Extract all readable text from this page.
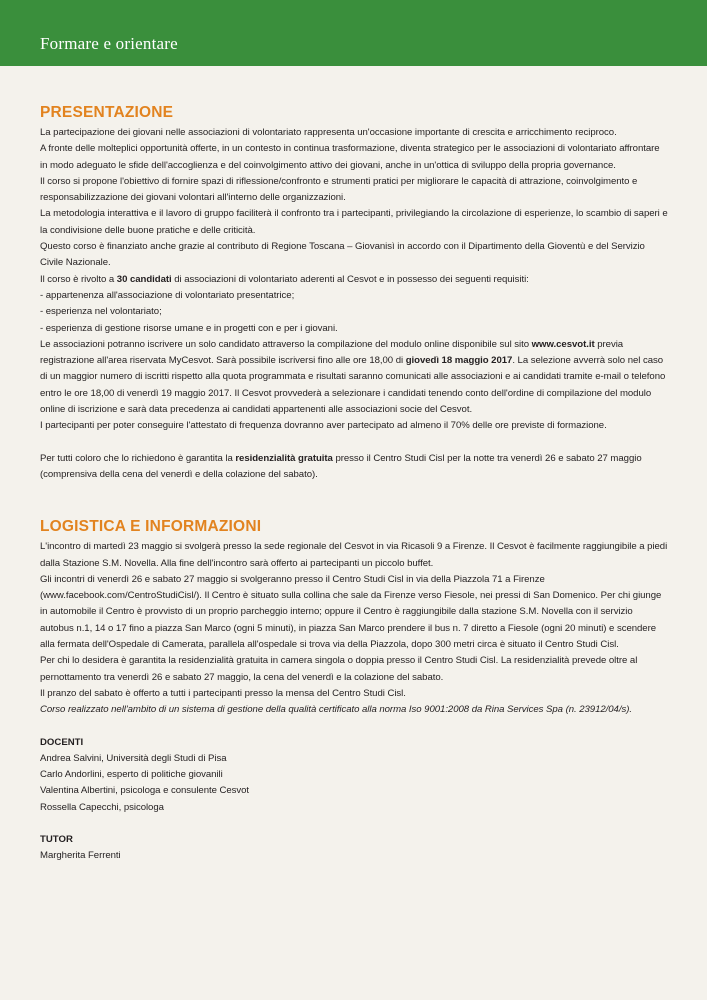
Formare e orientare
PRESENTAZIONE

La partecipazione dei giovani nelle associazioni di volontariato rappresenta un'occasione importante di crescita e arricchimento reciproco.

A fronte delle molteplici opportunità offerte, in un contesto in continua trasformazione, diventa strategico per le associazioni di volontariato affrontare in modo adeguato le sfide dell'accoglienza e del coinvolgimento attivo dei giovani, anche in un'ottica di sviluppo della propria governance.

Il corso si propone l'obiettivo di fornire spazi di riflessione/confronto e strumenti pratici per migliorare le capacità di attrazione, coinvolgimento e responsabilizzazione dei giovani volontari all'interno delle organizzazioni.

La metodologia interattiva e il lavoro di gruppo faciliterà il confronto tra i partecipanti, privilegiando la circolazione di esperienze, lo scambio di saperi e la condivisione delle buone pratiche e delle criticità.

Questo corso è finanziato anche grazie al contributo di Regione Toscana – Giovanisì in accordo con il Dipartimento della Gioventù e del Servizio Civile Nazionale.

Il corso è rivolto a 30 candidati di associazioni di volontariato aderenti al Cesvot e in possesso dei seguenti requisiti:

- appartenenza all'associazione di volontariato presentatrice;

- esperienza nel volontariato;

- esperienza di gestione risorse umane e in progetti con e per i giovani.

Le associazioni potranno iscrivere un solo candidato attraverso la compilazione del modulo online disponibile sul sito www.cesvot.it previa registrazione all'area riservata MyCesvot. Sarà possibile iscriversi fino alle ore 18,00 di giovedì 18 maggio 2017. La selezione avverrà solo nel caso di un maggior numero di iscritti rispetto alla quota programmata e risultati saranno comunicati alle associazioni e ai candidati tramite e-mail o telefono entro le ore 18,00 di venerdì 19 maggio 2017. Il Cesvot provvederà a selezionare i candidati tenendo conto dell'ordine di compilazione del modulo online di iscrizione e sarà data precedenza ai candidati appartenenti alle associazioni socie del Cesvot.

I partecipanti per poter conseguire l'attestato di frequenza dovranno aver partecipato ad almeno il 70% delle ore previste di formazione.

Per tutti coloro che lo richiedono è garantita la residenzialità gratuita presso il Centro Studi Cisl per la notte tra venerdì 26 e sabato 27 maggio (comprensiva della cena del venerdì e della colazione del sabato).

LOGISTICA E INFORMAZIONI

L'incontro di martedì 23 maggio si svolgerà presso la sede regionale del Cesvot in via Ricasoli 9 a Firenze. Il Cesvot è facilmente raggiungibile a piedi dalla Stazione S.M. Novella. Alla fine dell'incontro sarà offerto ai partecipanti un piccolo buffet.

Gli incontri di venerdì 26 e sabato 27 maggio si svolgeranno presso il Centro Studi Cisl in via della Piazzola 71 a Firenze (www.facebook.com/CentroStudiCisl/). Il Centro è situato sulla collina che sale da Firenze verso Fiesole, nei pressi di San Domenico. Per chi giunge in automobile il Centro è provvisto di un proprio parcheggio interno; oppure il Centro è raggiungibile dalla stazione S.M. Novella con il servizio autobus n.1, 14 o 17 fino a piazza San Marco (ogni 5 minuti), in piazza San Marco prendere il bus n. 7 diretto a Fiesole (ogni 20 minuti) e scendere alla fermata dell'Ospedale di Camerata, parallela all'ospedale si trova via della Piazzola, dopo 300 metri circa è situato il Centro Studi Cisl.

Per chi lo desidera è garantita la residenzialità gratuita in camera singola o doppia presso il Centro Studi Cisl. La residenzialità prevede oltre al pernottamento tra venerdì 26 e sabato 27 maggio, la cena del venerdì e la colazione del sabato.

Il pranzo del sabato è offerto a tutti i partecipanti presso la mensa del Centro Studi Cisl.

Corso realizzato nell'ambito di un sistema di gestione della qualità certificato alla norma Iso 9001:2008 da Rina Services Spa (n. 23912/04/s).

DOCENTI

Andrea Salvini, Università degli Studi di Pisa

Carlo Andorlini, esperto di politiche giovanili

Valentina Albertini, psicologa e consulente Cesvot

Rossella Capecchi, psicologa

TUTOR

Margherita Ferrenti
